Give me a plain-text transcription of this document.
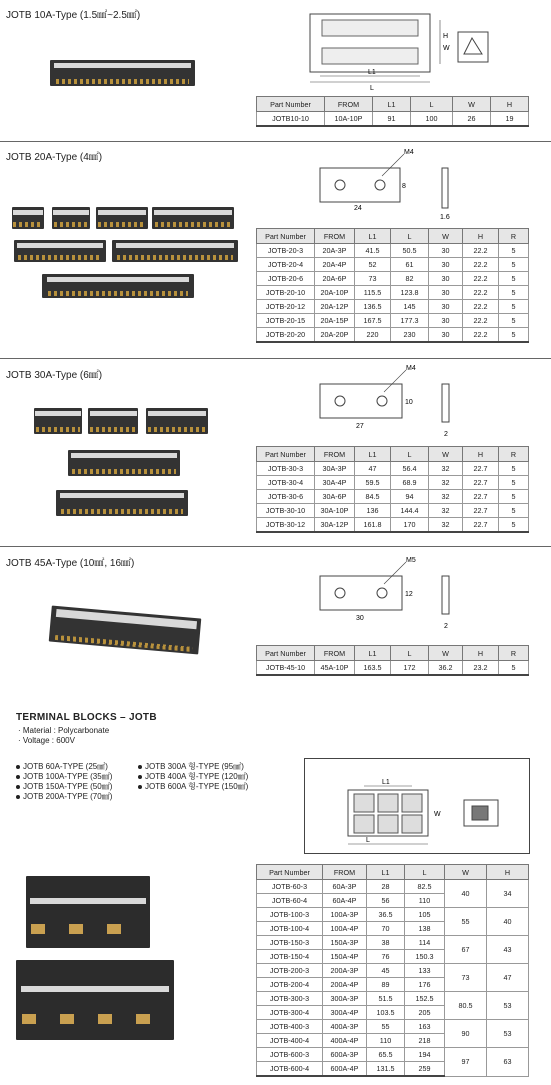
JOTB 10A-Type (1.5㎟~2.5㎟)
L1
L
H
W
Part Number	FROM	L1	L	W	H
JOTB10-10	10A-10P	91	100	26	19
JOTB 20A-Type (4㎟)	M4
24
8
1.6
Part Number	FROM	L1	L	W	H	R
JOTB-20-3	20A-3P	41.5	50.5	30	22.2	5
JOTB-20-4	20A-4P	52	61	30	22.2	5
JOTB-20-6	20A-6P	73	82	30	22.2	5
JOTB-20-10	20A-10P	115.5	123.8	30	22.2	5
JOTB-20-12	20A-12P	136.5	145	30	22.2	5
JOTB-20-15	20A-15P	167.5	177.3	30	22.2	5
JOTB-20-20	20A-20P	220	230	30	22.2	5
JOTB 30A-Type (6㎟)
M4
27
10
2
Part Number	FROM	L1	L	W	H	R
JOTB-30-3	30A-3P	47	56.4	32	22.7	5
JOTB-30-4	30A-4P	59.5	68.9	32	22.7	5
JOTB-30-6	30A-6P	84.5	94	32	22.7	5
JOTB-30-10	30A-10P	136	144.4	32	22.7	5
JOTB-30-12	30A-12P	161.8	170	32	22.7	5
JOTB 45A-Type (10㎟, 16㎟)	M5
30
12
2
Part Number	FROM	L1	L	W	H	R
JOTB-45-10	45A-10P	163.5	172	36.2	23.2	5
TERMINAL BLOCKS – JOTB
· Material : Polycarbonate
· Voltage : 600V
JOTB 60A-TYPE (25㎟)
JOTB 100A-TYPE (35㎟)
JOTB 150A-TYPE (50㎟)
JOTB 200A-TYPE (70㎟)
JOTB 300A 형-TYPE (95㎟)
JOTB 400A 형-TYPE (120㎟)
JOTB 600A 형-TYPE (150㎟)	L1
L
W
Part Number	FROM	L1	L	W	H
JOTB-60-3	60A-3P	28	82.5	40	34
JOTB-60-4	60A-4P	56	110		
JOTB-100-3	100A-3P	36.5	105	55	40
JOTB-100-4	100A-4P	70	138		
JOTB-150-3	150A-3P	38	114	67	43
JOTB-150-4	150A-4P	76	150.3		
JOTB-200-3	200A-3P	45	133	73	47
JOTB-200-4	200A-4P	89	176		
JOTB-300-3	300A-3P	51.5	152.5	80.5	53
JOTB-300-4	300A-4P	103.5	205		
JOTB-400-3	400A-3P	55	163	90	53
JOTB-400-4	400A-4P	110	218		
JOTB-600-3	600A-3P	65.5	194	97	63
JOTB-600-4	600A-4P	131.5	259		
